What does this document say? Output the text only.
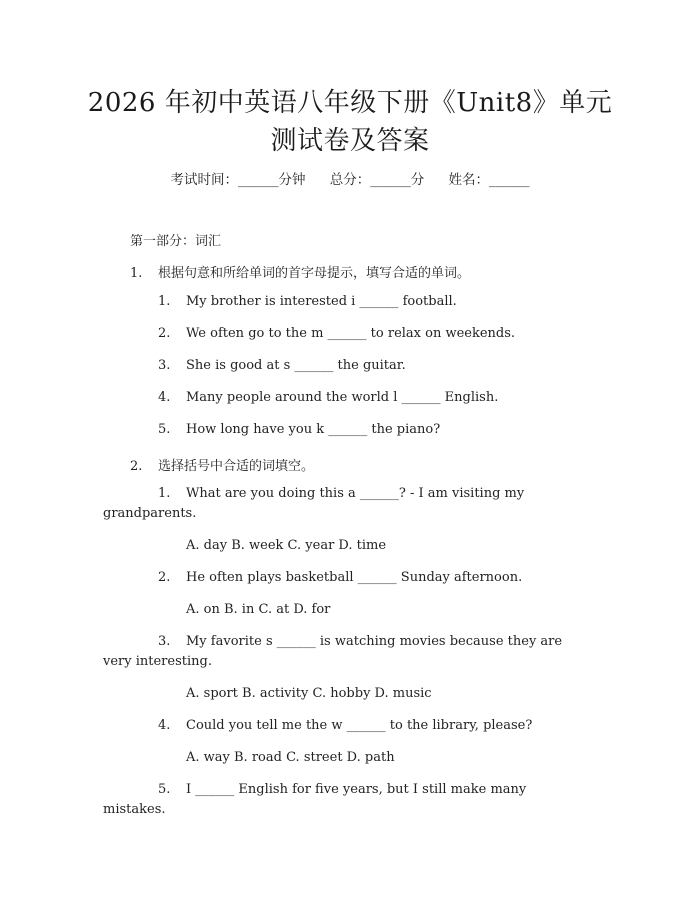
2026 年初中英语八年级下册《Unit8》单元
测试卷及答案
考试时间：______分钟 总分：______分 姓名：______
第一部分：词汇
1. 根据句意和所给单词的首字母提示，填写合适的单词。
1. My brother is interested i ______ football.
2. We often go to the m ______ to relax on weekends.
3. She is good at s ______ the guitar.
4. Many people around the world l ______ English.
5. How long have you k ______ the piano?
2. 选择括号中合适的词填空。
1. What are you doing this a ______? - I am visiting my
grandparents.
A. day B. week C. year D. time
2. He often plays basketball ______ Sunday afternoon.
A. on B. in C. at D. for
3. My favorite s ______ is watching movies because they are
very interesting.
A. sport B. activity C. hobby D. music
4. Could you tell me the w ______ to the library, please?
A. way B. road C. street D. path
5. I ______ English for five years, but I still make many
mistakes.
